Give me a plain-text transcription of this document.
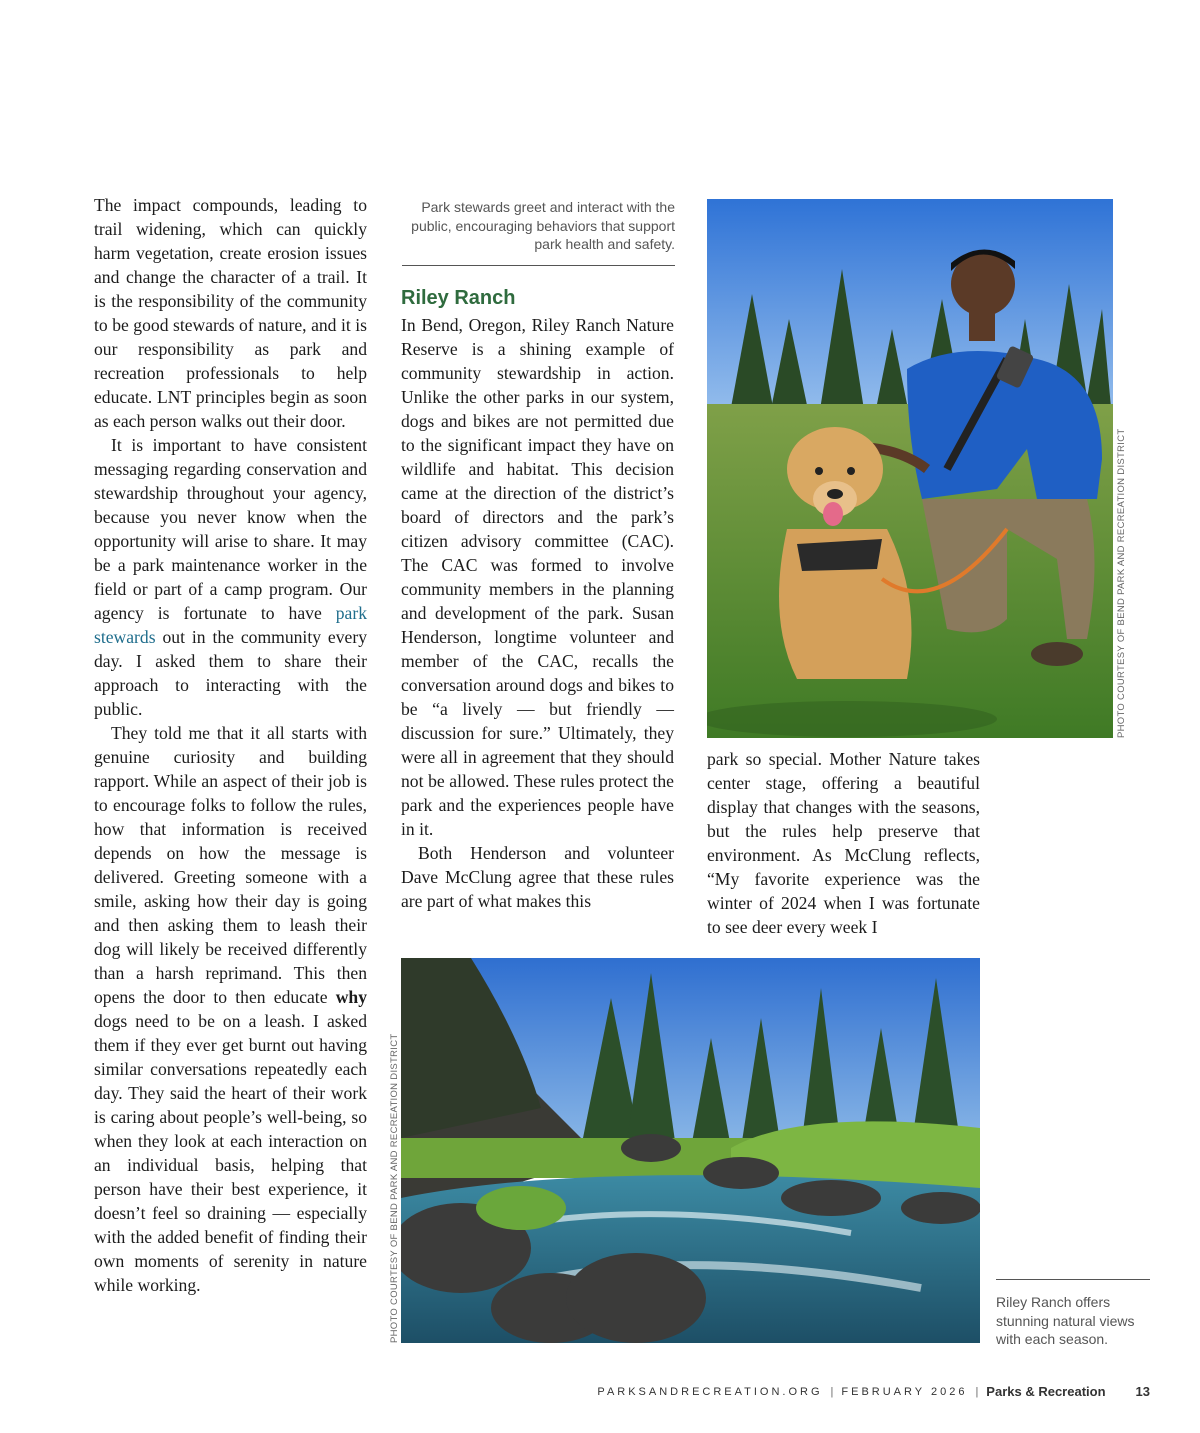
The impact compounds, leading to trail widening, which can quickly harm vegetation, create erosion issues and change the character of a trail. It is the responsibility of the community to be good stewards of nature, and it is our responsibility as park and recreation professionals to help educate. LNT principles begin as soon as each person walks out their door.

It is important to have consistent messaging regarding conservation and stewardship throughout your agency, because you never know when the opportunity will arise to share. It may be a park maintenance worker in the field or part of a camp program. Our agency is fortunate to have park stewards out in the community every day. I asked them to share their approach to interacting with the public.

They told me that it all starts with genuine curiosity and building rapport. While an aspect of their job is to encourage folks to follow the rules, how that information is received depends on how the message is delivered. Greeting someone with a smile, asking how their day is going and then asking them to leash their dog will likely be received differently than a harsh reprimand. This then opens the door to then educate why dogs need to be on a leash. I asked them if they ever get burnt out having similar conversations repeatedly each day. They said the heart of their work is caring about people’s well-being, so when they look at each interaction on an individual basis, helping that person have their best experience, it doesn’t feel so draining — especially with the added benefit of finding their own moments of serenity in nature while working.

Park stewards greet and interact with the public, encouraging behaviors that support park health and safety.
Riley Ranch

In Bend, Oregon, Riley Ranch Nature Reserve is a shining example of community stewardship in action. Unlike the other parks in our system, dogs and bikes are not permitted due to the significant impact they have on wildlife and habitat. This decision came at the direction of the district’s board of directors and the park’s citizen advisory committee (CAC). The CAC was formed to involve community members in the planning and development of the park. Susan Henderson, longtime volunteer and member of the CAC, recalls the conversation around dogs and bikes to be “a lively — but friendly — discussion for sure.” Ultimately, they were all in agreement that they should not be allowed. These rules protect the park and the experiences people have in it.

Both Henderson and volunteer Dave McClung agree that these rules are part of what makes this

PHOTO COURTESY OF BEND PARK AND RECREATION DISTRICT

park so special. Mother Nature takes center stage, offering a beautiful display that changes with the seasons, but the rules help preserve that environment. As McClung reflects, “My favorite experience was the winter of 2024 when I was fortunate to see deer every week I

PHOTO COURTESY OF BEND PARK AND RECREATION DISTRICT	Riley Ranch offers stunning natural views with each season.
PARKSANDRECREATION.ORG | FEBRUARY 2026 | Parks & Recreation 13
